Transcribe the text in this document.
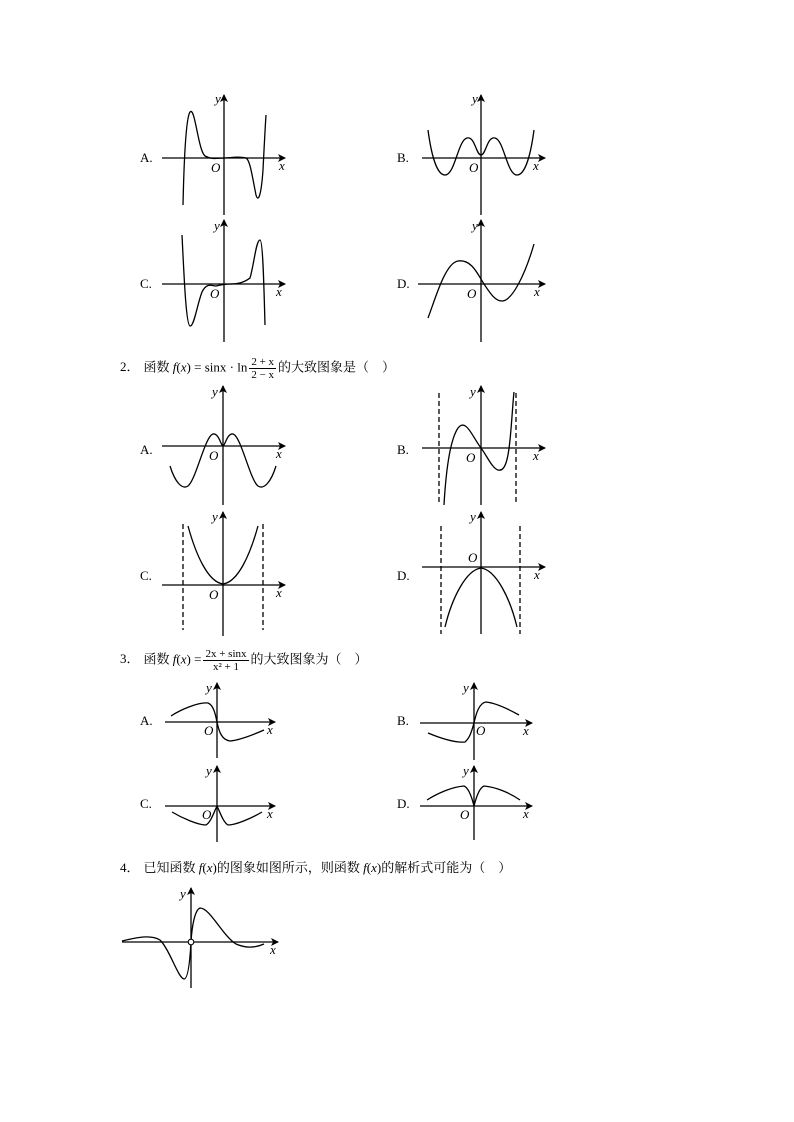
y
x
O
A.
y
x
O
B.
y
x
O
C.
y
x
O
D.
y
x
O
A.
y
x
O
B.
y
x
O
C.
y
x
O
D.
y
x
O
A.
y
x
O
B.
y
x
O
C.
y
x
O
D.
y
x
2． 函数 $f(x) = \sin x \cdot \ln \frac{2 + x}{2 - x}$ 的大致图象是（　）
3． 函数 $f(x) = \frac{2x + \sin x}{\text{x² + 1}}$ 的大致图象为（　）
4． 已知函数 f(x)的图象如图所示，则函数 f(x)的解析式可能为（　）
